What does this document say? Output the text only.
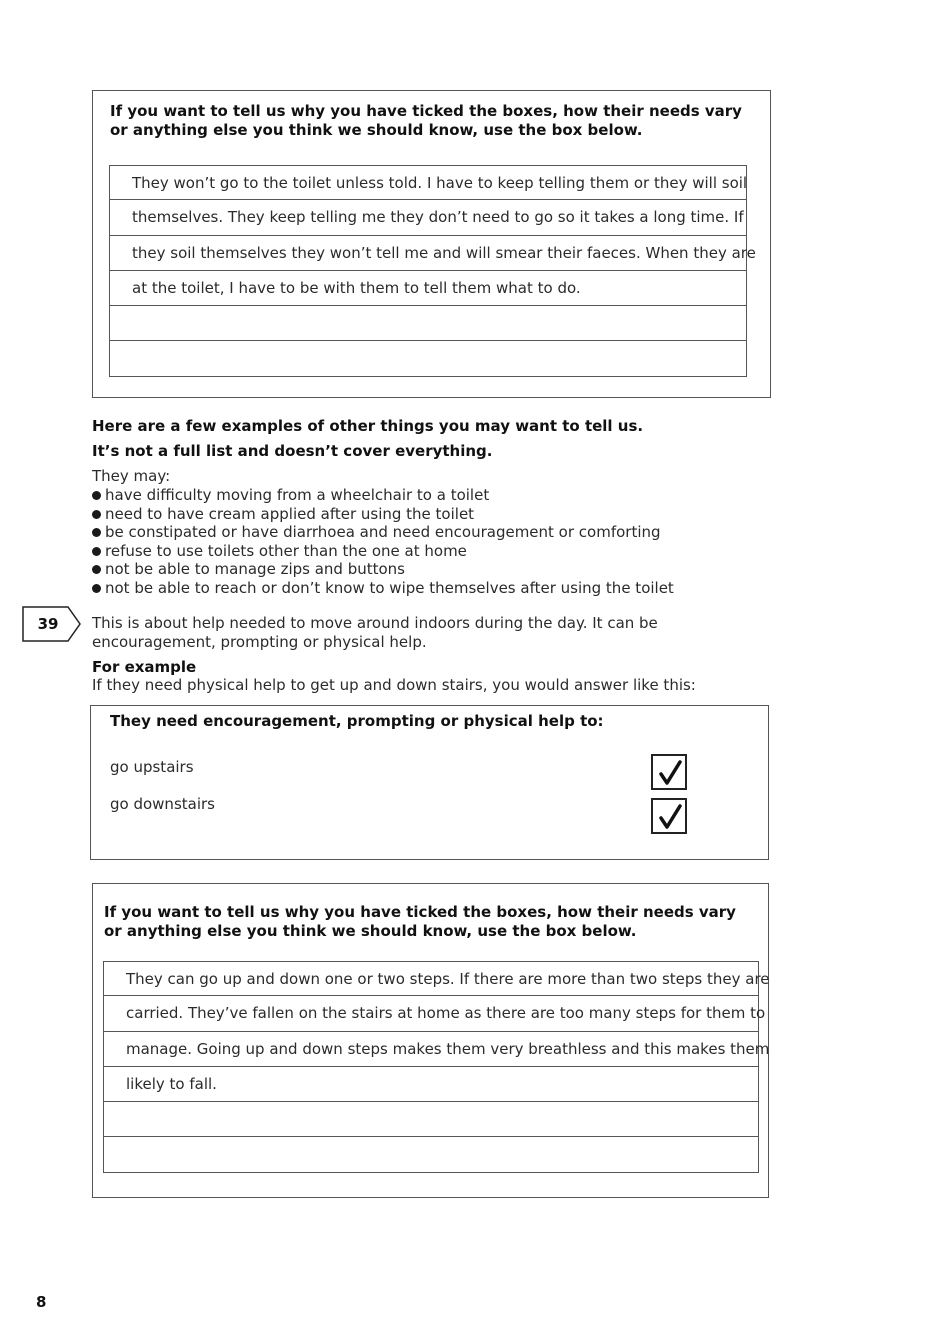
If you want to tell us why you have ticked the boxes, how their needs vary or anything else you think we should know, use the box below.

They won’t go to the toilet unless told. I have to keep telling them or they will soil
themselves. They keep telling me they don’t need to go so it takes a long time. If
they soil themselves they won’t tell me and will smear their faeces. When they are
at the toilet, I have to be with them to tell them what to do.

Here are a few examples of other things you may want to tell us.

It’s not a full list and doesn’t cover everything.

They may:

have difficulty moving from a wheelchair to a toilet
need to have cream applied after using the toilet
be constipated or have diarrhoea and need encouragement or comforting
refuse to use toilets other than the one at home
not be able to manage zips and buttons
not be able to reach or don’t know to wipe themselves after using the toilet
39	This is about help needed to move around indoors during the day. It can be encouragement, prompting or physical help.

For example

If they need physical help to get up and down stairs, you would answer like this:

They need encouragement, prompting or physical help to:

go upstairs

go downstairs

If you want to tell us why you have ticked the boxes, how their needs vary or anything else you think we should know, use the box below.

They can go up and down one or two steps. If there are more than two steps they are
carried. They’ve fallen on the stairs at home as there are too many steps for them to
manage. Going up and down steps makes them very breathless and this makes them
likely to fall.
8
